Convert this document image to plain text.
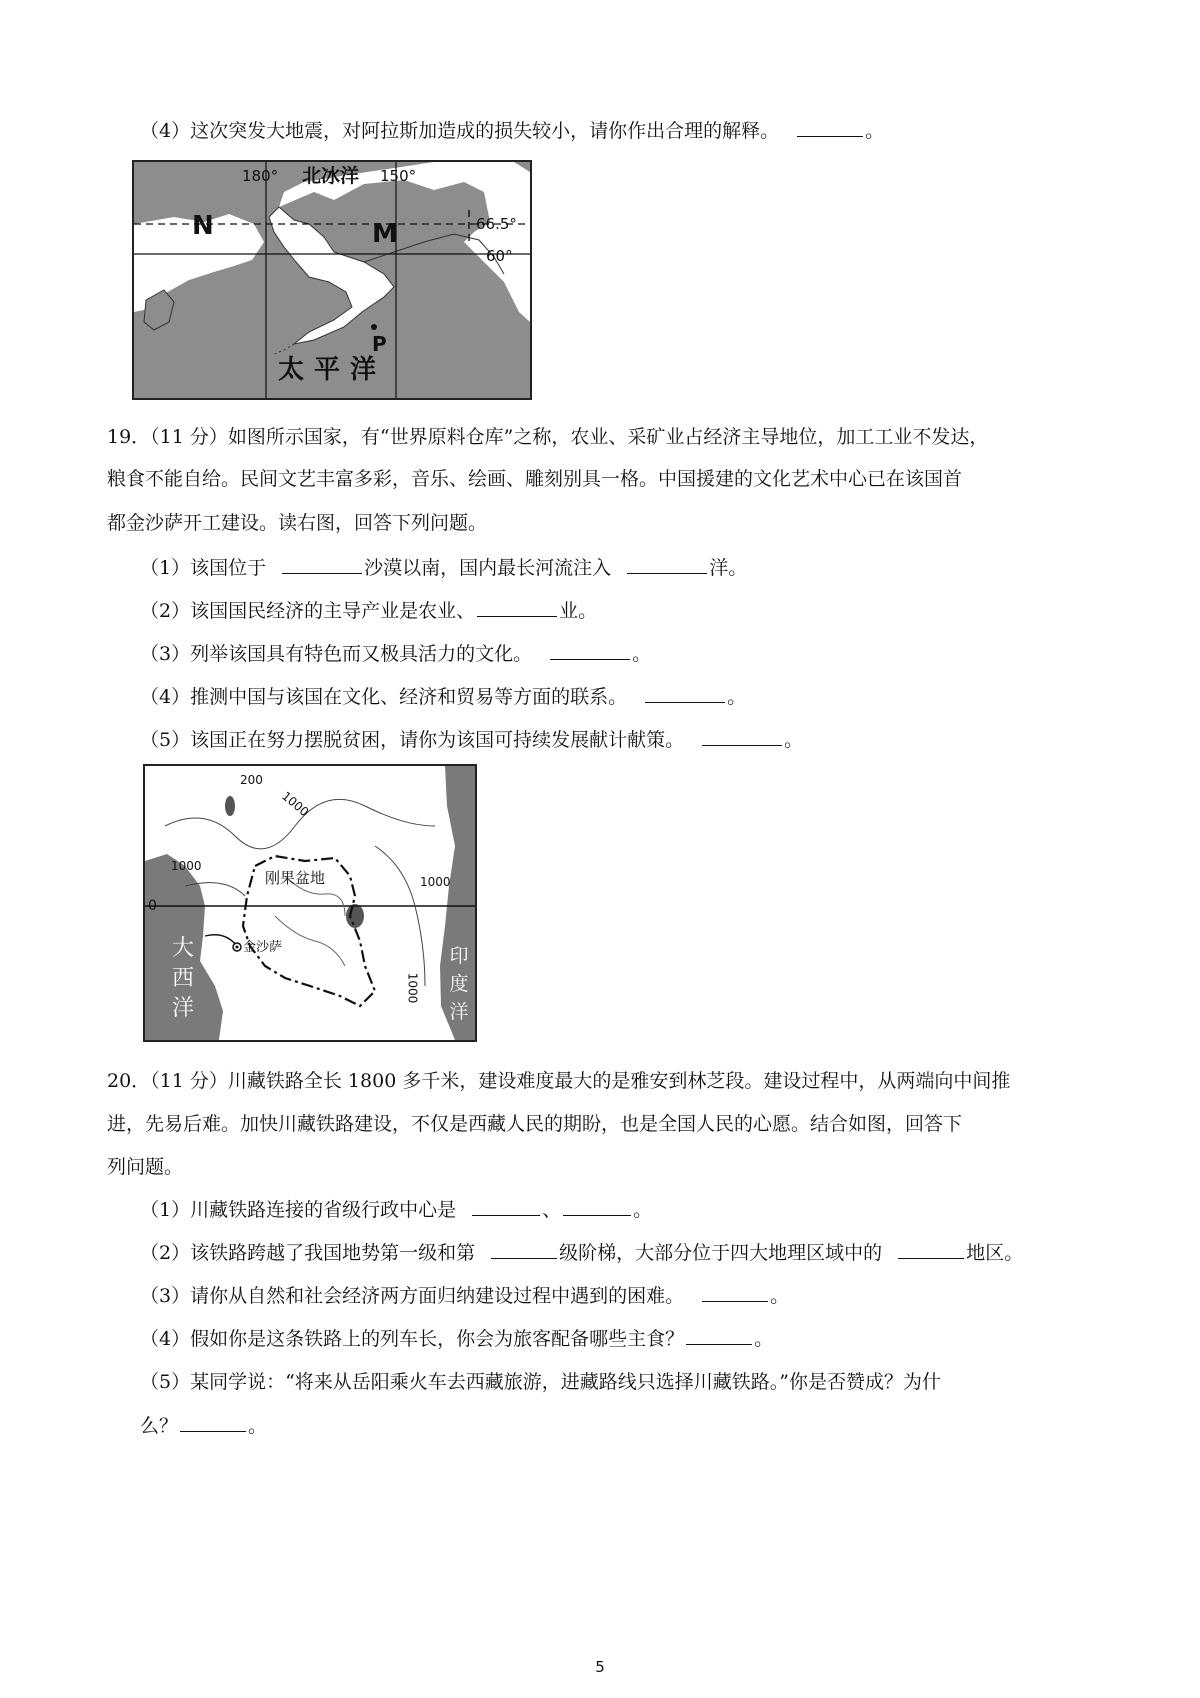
（4）这次突发大地震，对阿拉斯加造成的损失较小，请你作出合理的解释。	。
180° 北冰洋 150°
66.5°
60°
N	M
P
太平洋
19．（11 分）如图所示国家，有“世界原料仓库”之称，农业、采矿业占经济主导地位，加工工业不发达，
粮食不能自给。民间文艺丰富多彩，音乐、绘画、雕刻别具一格。中国援建的文化艺术中心已在该国首
都金沙萨开工建设。读右图，回答下列问题。
（1）该国位于	沙漠以南，国内最长河流注入	洋。
（2）该国国民经济的主导产业是农业、	业。
（3）列举该国具有特色而又极具活力的文化。	。
（4）推测中国与该国在文化、经济和贸易等方面的联系。	。
（5）该国正在努力摆脱贫困，请你为该国可持续发展献计献策。	。
200
1000
1000
1000
1000
刚果盆地
0
金沙萨
大
西
洋
印
度
洋
20．（11 分）川藏铁路全长 1800 多千米，建设难度最大的是雅安到林芝段。建设过程中，从两端向中间推
进，先易后难。加快川藏铁路建设，不仅是西藏人民的期盼，也是全国人民的心愿。结合如图，回答下
列问题。
（1）川藏铁路连接的省级行政中心是	、	。
（2）该铁路跨越了我国地势第一级和第	级阶梯，大部分位于四大地理区域中的	地区。
（3）请你从自然和社会经济两方面归纳建设过程中遇到的困难。	。
（4）假如你是这条铁路上的列车长，你会为旅客配备哪些主食？	。
（5）某同学说：“将来从岳阳乘火车去西藏旅游，进藏路线只选择川藏铁路。”你是否赞成？为什
么？	。
5
